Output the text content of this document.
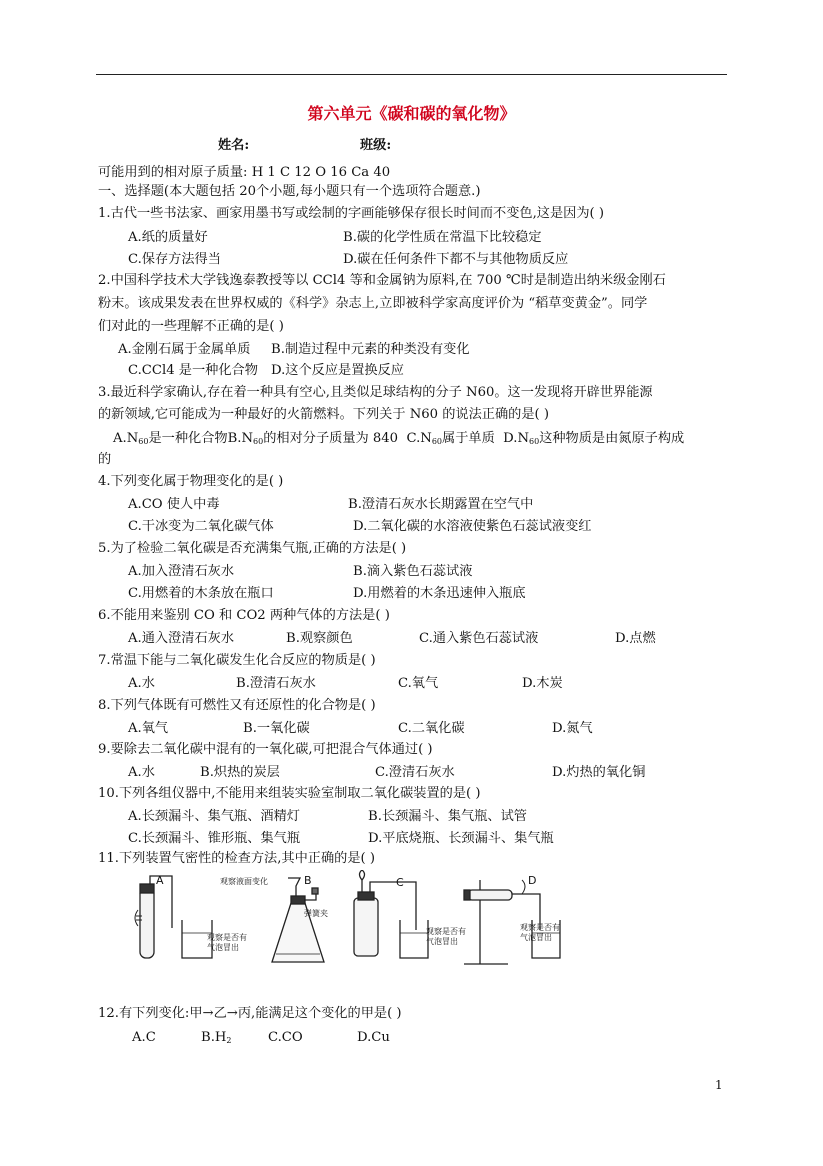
第六单元《碳和碳的氧化物》
姓名:	班级:
可能用到的相对原子质量: H 1 C 12 O 16 Ca 40
一、选择题(本大题包括 20个小题,每小题只有一个选项符合题意.)
1.古代一些书法家、画家用墨书写或绘制的字画能够保存很长时间而不变色,这是因为( )
A.纸的质量好	B.碳的化学性质在常温下比较稳定
C.保存方法得当	D.碳在任何条件下都不与其他物质反应
2.中国科学技术大学钱逸泰教授等以 CCl4 等和金属钠为原料,在 700 ℃时是制造出纳米级金刚石
粉末。该成果发表在世界权威的《科学》杂志上,立即被科学家高度评价为 “稻草变黄金”。同学
们对此的一些理解不正确的是( )
A.金刚石属于金属单质 B.制造过程中元素的种类没有变化
C.CCl4 是一种化合物 D.这个反应是置换反应
3.最近科学家确认,存在着一种具有空心,且类似足球结构的分子 N60。这一发现将开辟世界能源
的新领域,它可能成为一种最好的火箭燃料。下列关于 N60 的说法正确的是( )
$A.N_{60}$是一种化合物$B.N_{60}$的相对分子质量为 840 $C.N_{60}$属于单质 $D.N_{60}$这种物质是由氮原子构成
的
4.下列变化属于物理变化的是( )
A.CO 使人中毒	B.澄清石灰水长期露置在空气中
C.干冰变为二氧化碳气体	D.二氧化碳的水溶液使紫色石蕊试液变红
5.为了检验二氧化碳是否充满集气瓶,正确的方法是( )
A.加入澄清石灰水	B.滴入紫色石蕊试液
C.用燃着的木条放在瓶口	D.用燃着的木条迅速伸入瓶底
6.不能用来鉴别 CO 和 CO2 两种气体的方法是( )
A.通入澄清石灰水	B.观察颜色	C.通入紫色石蕊试液	D.点燃
7.常温下能与二氧化碳发生化合反应的物质是( )
A.水	B.澄清石灰水	C.氧气	D.木炭
8.下列气体既有可燃性又有还原性的化合物是( )
A.氧气	B.一氧化碳	C.二氧化碳	D.氮气
9.要除去二氧化碳中混有的一氧化碳,可把混合气体通过( )
A.水	B.炽热的炭层	C.澄清石灰水	D.灼热的氧化铜
10.下列各组仪器中,不能用来组装实验室制取二氧化碳装置的是( )
A.长颈漏斗、集气瓶、酒精灯	B.长颈漏斗、集气瓶、试管
C.长颈漏斗、锥形瓶、集气瓶	D.平底烧瓶、长颈漏斗、集气瓶
11.下列装置气密性的检查方法,其中正确的是( )
A
观察是否有
气泡冒出
观察液面变化	B
弹簧夹
C
观察是否有
气泡冒出
D
观察是否有
气泡冒出
12.有下列变化:甲→乙→丙,能满足这个变化的甲是( )
A.C	$B.H_2$	C.CO	D.Cu
1
